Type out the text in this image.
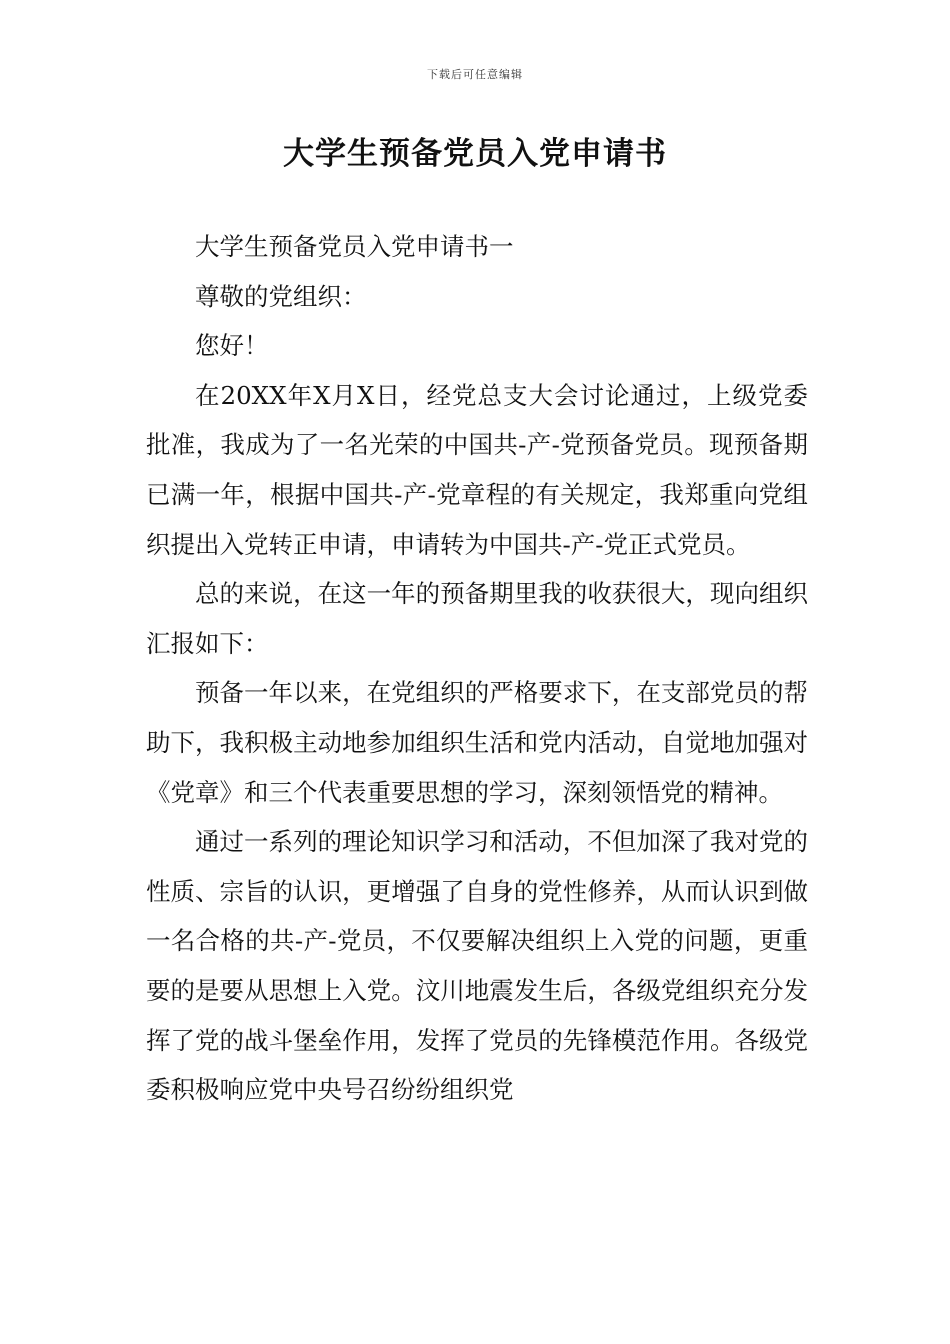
下载后可任意编辑
大学生预备党员入党申请书

大学生预备党员入党申请书一

尊敬的党组织：

您好！

在20XX年X月X日，经党总支大会讨论通过，上级党委批准，我成为了一名光荣的中国共-产-党预备党员。现预备期已满一年，根据中国共-产-党章程的有关规定，我郑重向党组织提出入党转正申请，申请转为中国共-产-党正式党员。

总的来说，在这一年的预备期里我的收获很大，现向组织汇报如下：

预备一年以来，在党组织的严格要求下，在支部党员的帮助下，我积极主动地参加组织生活和党内活动，自觉地加强对《党章》和三个代表重要思想的学习，深刻领悟党的精神。

通过一系列的理论知识学习和活动，不但加深了我对党的性质、宗旨的认识，更增强了自身的党性修养，从而认识到做一名合格的共-产-党员，不仅要解决组织上入党的问题，更重要的是要从思想上入党。汶川地震发生后，各级党组织充分发挥了党的战斗堡垒作用，发挥了党员的先锋模范作用。各级党委积极响应党中央号召纷纷组织党
